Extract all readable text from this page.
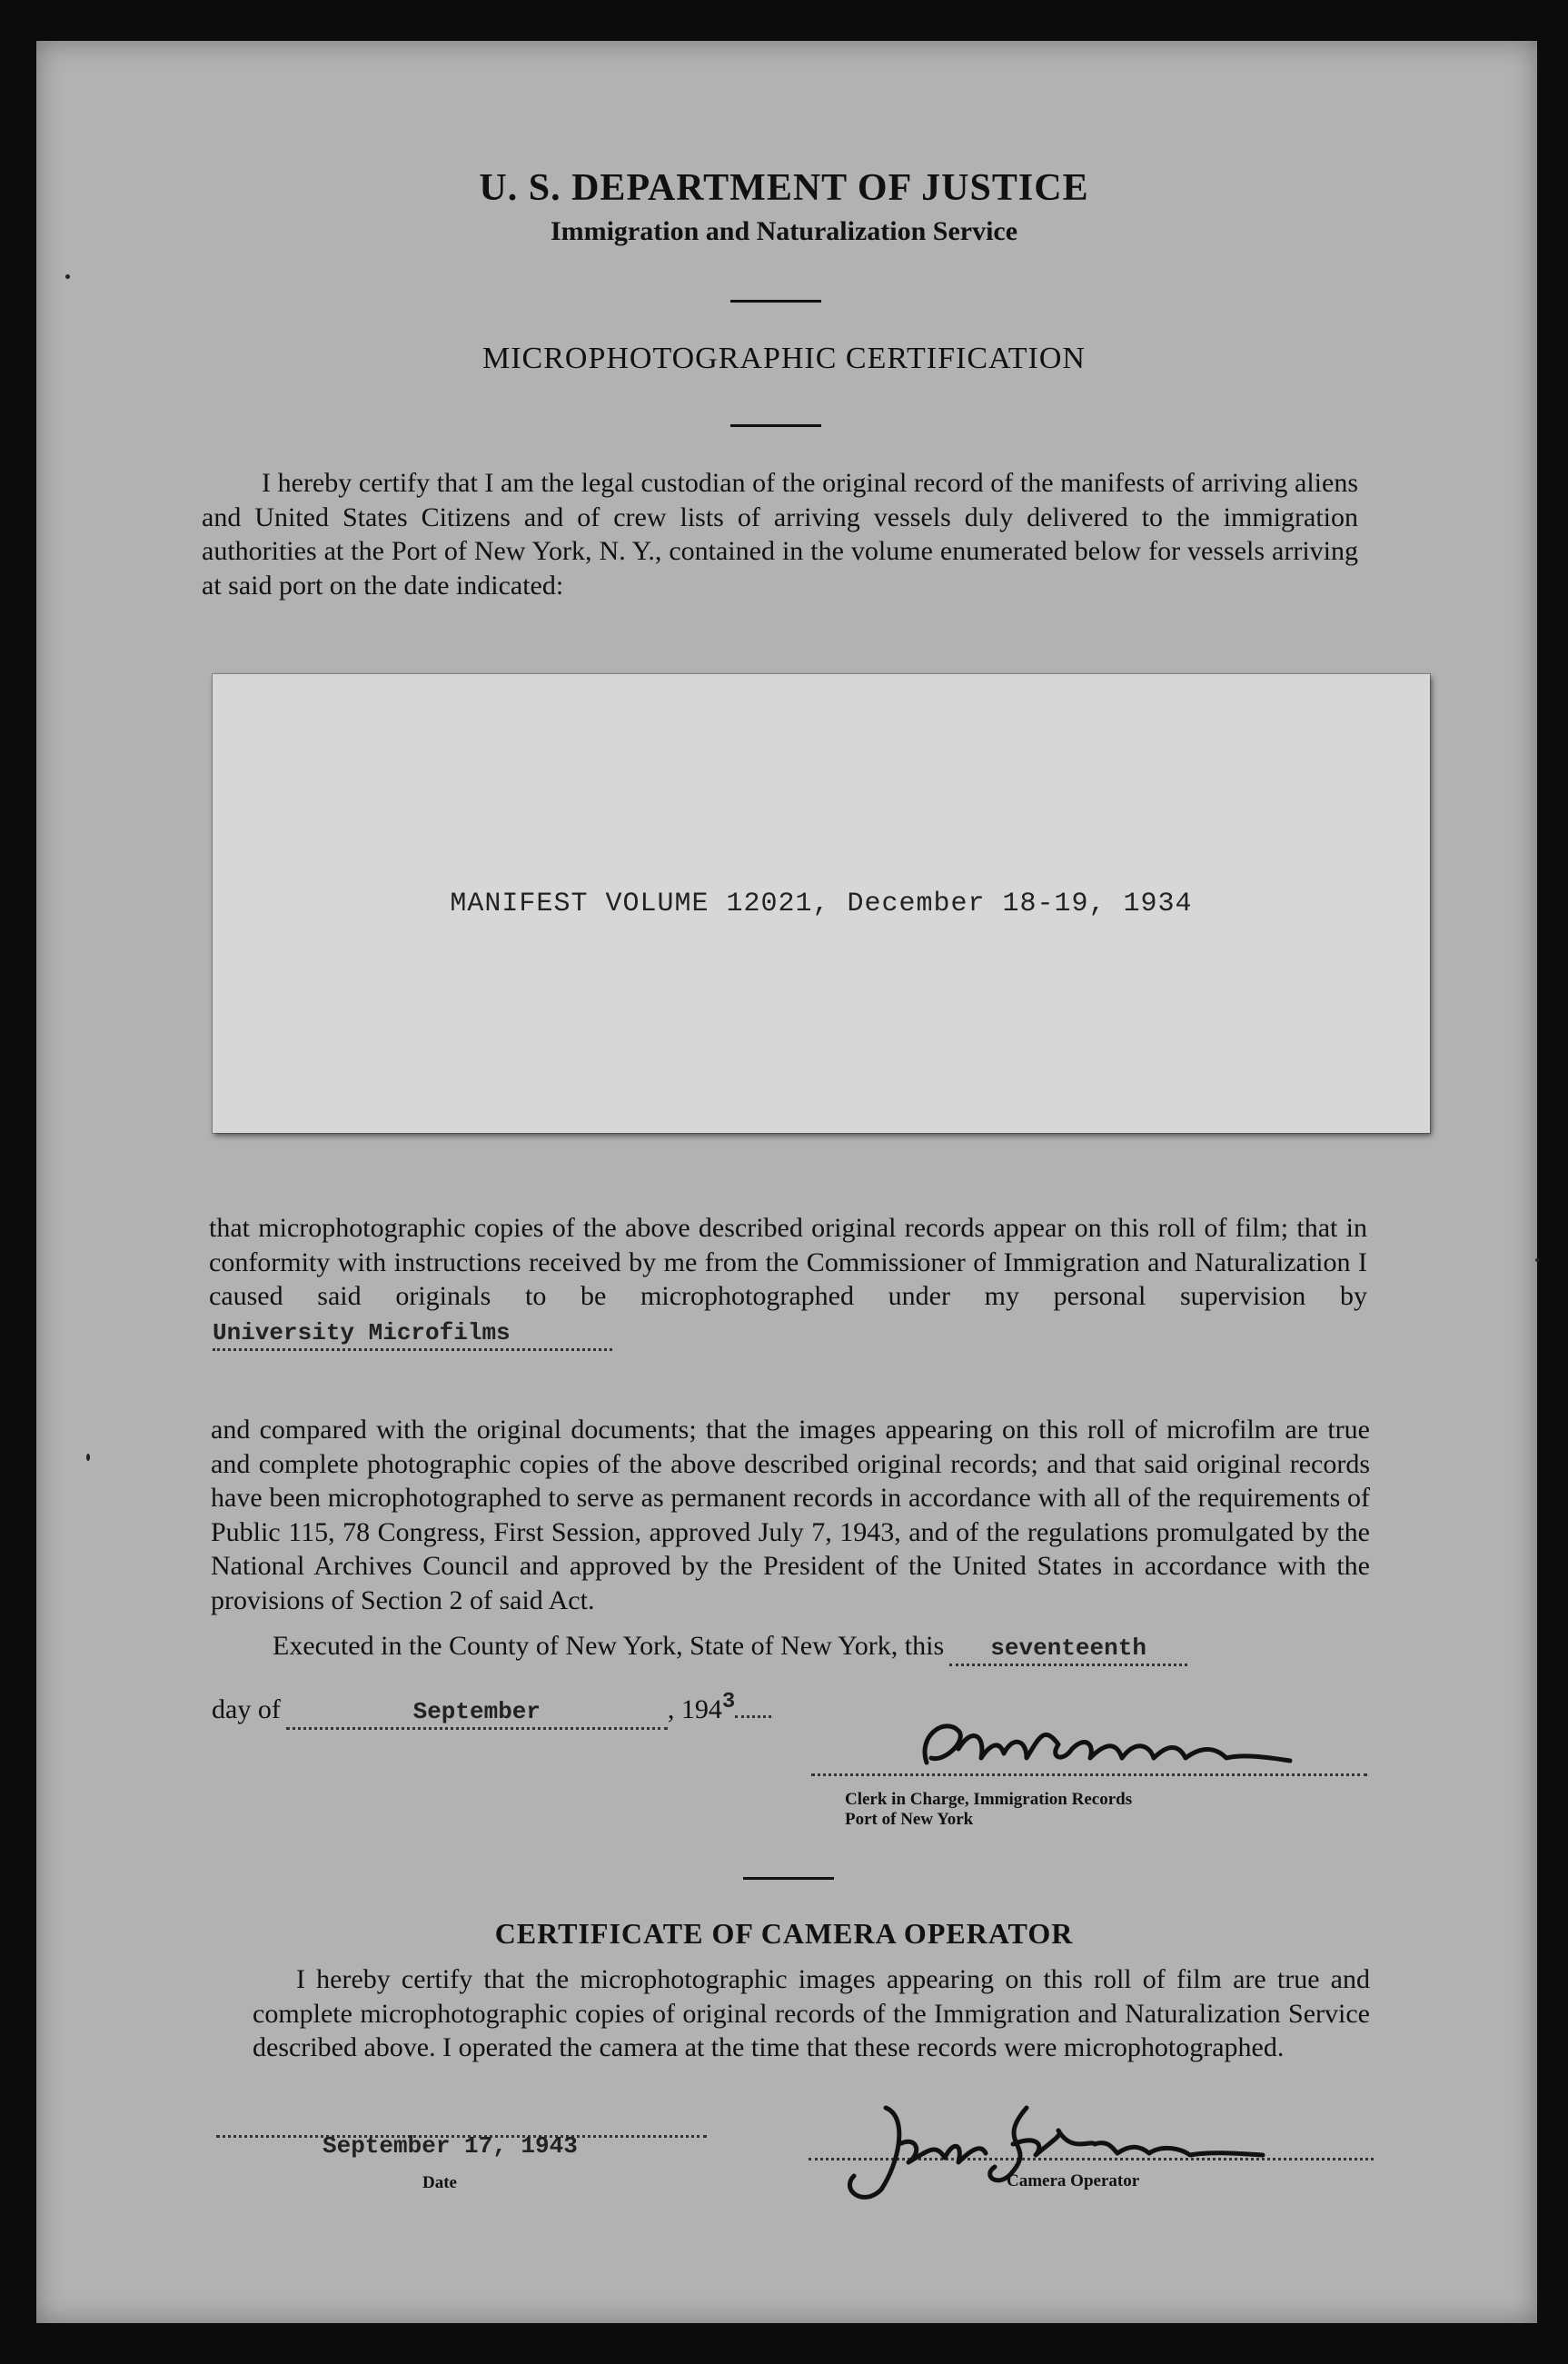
U. S. DEPARTMENT OF JUSTICE
Immigration and Naturalization Service
MICROPHOTOGRAPHIC CERTIFICATION

I hereby certify that I am the legal custodian of the original record of the manifests of arriving aliens and United States Citizens and of crew lists of arriving vessels duly delivered to the immigration authorities at the Port of New York, N. Y., contained in the volume enumerated below for vessels arriving at said port on the date indicated:

MANIFEST VOLUME 12021, December 18-19, 1934

that microphotographic copies of the above described original records appear on this roll of film; that in conformity with instructions received by me from the Commissioner of Immigration and Naturalization I caused said originals to be microphotographed under my personal supervision byUniversity Microfilms

and compared with the original documents; that the images appearing on this roll of microfilm are true and complete photographic copies of the above described original records; and that said original records have been microphotographed to serve as permanent records in accordance with all of the requirements of Public 115, 78 Congress, First Session, approved July 7, 1943, and of the regulations promulgated by the National Archives Council and approved by the President of the United States in accordance with the provisions of Section 2 of said Act.

Executed in the County of New York, State of New York, this seventeenth
day of	September	, $194^3$
Clerk in Charge, Immigration Records
Port of New York
CERTIFICATE OF CAMERA OPERATOR

I hereby certify that the microphotographic images appearing on this roll of film are true and complete microphotographic copies of original records of the Immigration and Naturalization Service described above. I operated the camera at the time that these records were microphotographed.

September 17, 1943
Date	Camera Operator
